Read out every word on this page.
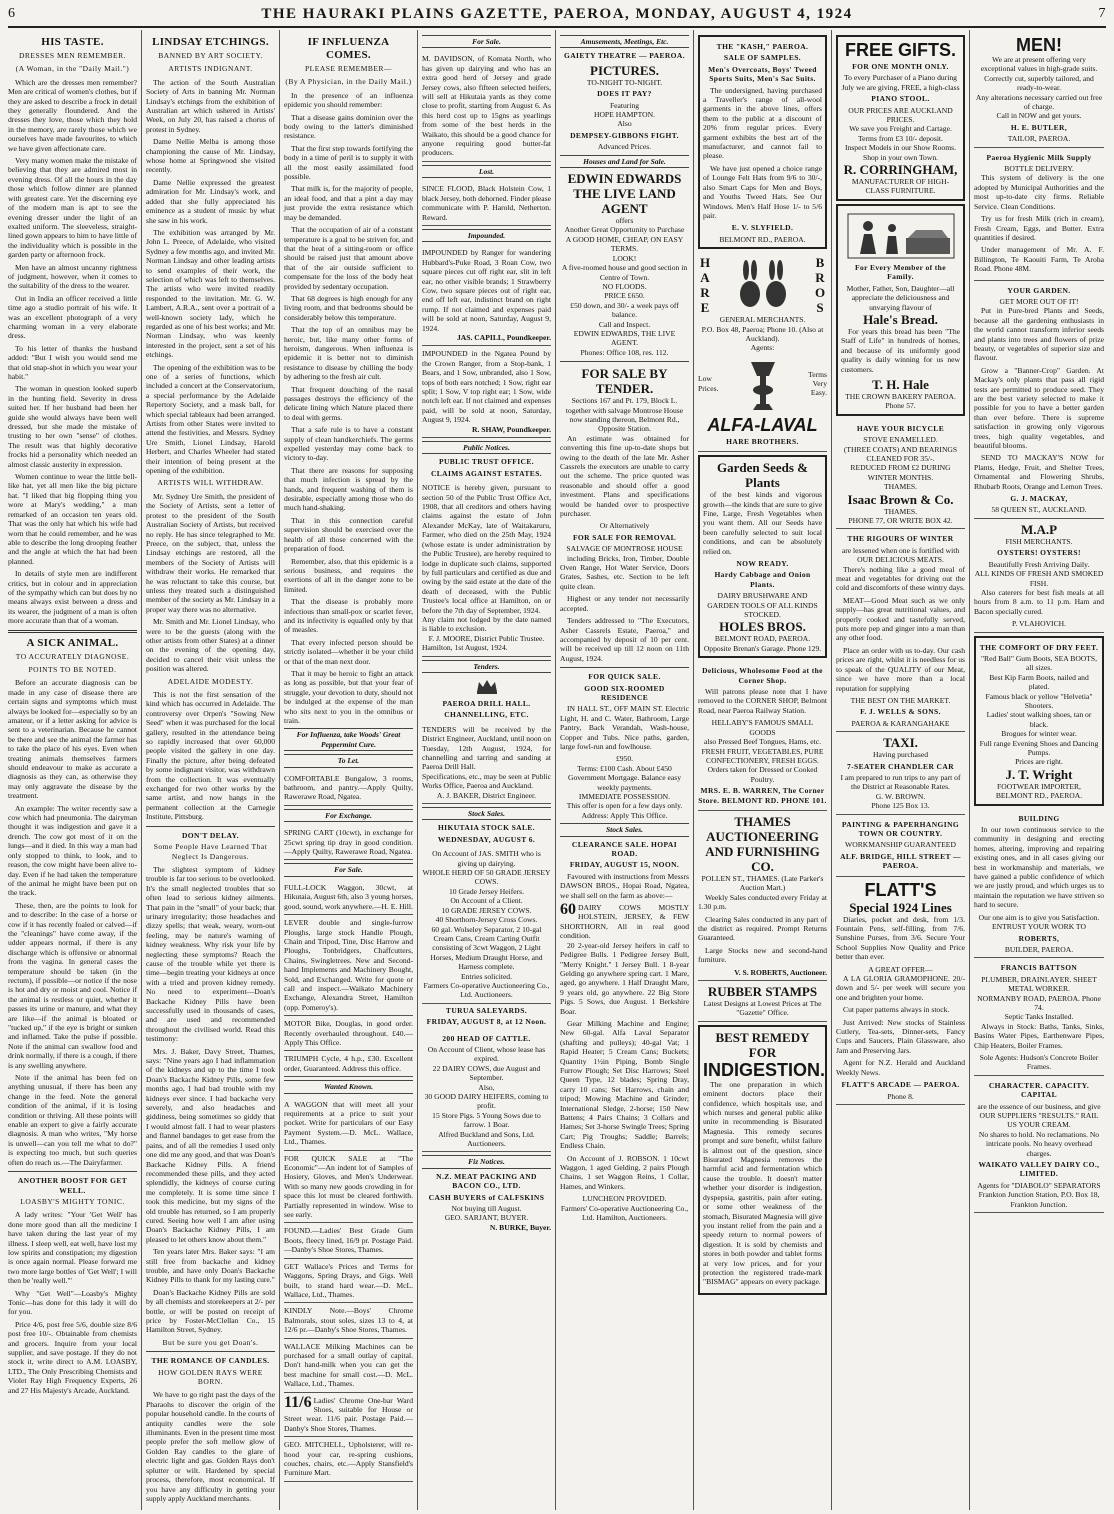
6	THE HAURAKI PLAINS GAZETTE, PAEROA, MONDAY, AUGUST 4, 1924	7
HIS TASTE.
DRESSES MEN REMEMBER.
(A Woman, in the "Daily Mail.")

Which are the dresses men remember? Men are critical of women's clothes, but if they are asked to describe a frock in detail they generally floundered. And the dresses they love, those which they hold in the memory, are rarely those which we ourselves have made favourites, to which we have given affectionate care.

Very many women make the mistake of believing that they are admired most in evening dress. Of all the hours in the day those which follow dinner are planned with greatest care. Yet the discerning eye of the modern man is apt to see the evening dresser under the light of an exalted uniform. The sleeveless, straight-lined gown appears to him to have little of the individuality which is possible in the garden party or afternoon frock.

Men have an almost uncanny rightness of judgment, however, when it comes to the suitability of the dress to the wearer.

Out in India an officer received a little time ago a studio portrait of his wife. It was an excellent photograph of a very charming woman in a very elaborate dress.

To his letter of thanks the husband added: "But I wish you would send me that old snap-shot in which you wear your habit."

The woman in question looked superb in the hunting field. Severity in dress suited her. If her husband had been her guide she would always have been well dressed, but she made the mistake of trusting to her own "sense" of clothes. The result was that highly decorative frocks hid a personality which needed an almost classic austerity in expression.

Women continue to wear the little bell-like hat, yet all men like the big picture hat. "I liked that big flopping thing you wore at Mary's wedding," a man remarked of an occasion ten years old. That was the only hat which his wife had worn that he could remember, and he was able to describe the long drooping feather and the angle at which the hat had been planned.

In details of style men are indifferent critics, but in colour and in appreciation of the sympathy which can but does by no means always exist between a dress and its wearer, the judgment of a man is often more accurate than that of a woman.

A SICK ANIMAL.
TO ACCURATELY DIAGNOSE.
POINTS TO BE NOTED.

Before an accurate diagnosis can be made in any case of disease there are certain signs and symptoms which must always be looked for—especially so by an amateur, or if a letter asking for advice is sent to a veterinarian. Because he cannot be there and see the animal the farmer has to take the place of his eyes. Even when treating animals themselves farmers should endeavour to make as accurate a diagnosis as they can, as otherwise they may only aggravate the disease by the treatment.

An example: The writer recently saw a cow which had pneumonia. The dairyman thought it was indigestion and gave it a drench. The cow got most of it on the lungs—and it died. In this way a man had only stopped to think, to look, and to reason, the cow might have been alive to-day. Even if he had taken the temperature of the animal he might have been put on the track.

These, then, are the points to look for and to describe: In the case of a horse or cow if it has recently foaled or calved—if the "cleanings" have come away, if the udder appears normal, if there is any discharge which is offensive or abnormal from the vagina. In general cases the temperature should be taken (in the rectum), if possible—or notice if the nose is hot and dry or moist and cool. Notice if the animal is restless or quiet, whether it passes its urine or manure, and what they are like—if the animal is bloated or "tucked up," if the eye is bright or sunken and inflamed. Take the pulse if possible. Note if the animal can swallow food and drink normally, if there is a cough, if there is any swelling anywhere.

Note if the animal has been fed on anything unusual, if there has been any change in the feed. Note the general condition of the animal, if it is losing condition or thriving. All these points will enable an expert to give a fairly accurate diagnosis. A man who writes, "My horse is unwell—can you tell me what to do?" is expecting too much, but such queries often do reach us.—The Dairyfarmer.

ANOTHER BOOST FOR GET WELL.
LOASBY'S MIGHTY TONIC.

A lady writes: "Your 'Get Well' has done more good than all the medicine I have taken during the last year of my illness. I sleep well, eat well, have lost my low spirits and constipation; my digestion is once again normal. Please forward me two more large bottles of 'Get Well'; I will then be 'really well.'"

Why "Get Well"—Loasby's Mighty Tonic—has done for this lady it will do for you.

Price 4/6, post free 5/6, double size 8/6 post free 10/-. Obtainable from chemists and grocers. Inquire from your local supplier, and save postage. If they do not stock it, write direct to A.M. LOASBY, LTD., The Only Prescribing Chemists and Violet Ray High Frequency Experts, 26 and 27 His Majesty's Arcade, Auckland.

LINDSAY ETCHINGS.
BANNED BY ART SOCIETY.
ARTISTS INDIGNANT.

The action of the South Australian Society of Arts in banning Mr. Norman Lindsay's etchings from the exhibition of Australian art which ushered in Artists' Week, on July 20, has raised a chorus of protest in Sydney.

Dame Nellie Melba is among those championing the cause of Mr. Lindsay, whose home at Springwood she visited recently.

Dame Nellie expressed the greatest admiration for Mr. Lindsay's work, and added that she fully appreciated his eminence as a student of music by what she saw in his work.

The exhibition was arranged by Mr. John L. Preece, of Adelaide, who visited Sydney a few months ago, and invited Mr. Norman Lindsay and other leading artists to send examples of their work, the selection of which was left to themselves. The artists who were invited readily responded to the invitation. Mr. G. W. Lambert, A.R.A., sent over a portrait of a well-known society lady, which he regarded as one of his best works; and Mr. Norman Lindsay, who was keenly interested in the project, sent a set of his etchings.

The opening of the exhibition was to be one of a series of functions, which included a concert at the Conservatorium, a special performance by the Adelaide Repertory Society, and a mask ball, for which special tableaux had been arranged. Artists from other States were invited to attend the festivities, and Messrs. Sydney Ure Smith, Lionel Lindsay, Harold Herbert, and Charles Wheeler had stated their intention of being present at the opening of the exhibition.

ARTISTS WILL WITHDRAW.

Mr. Sydney Ure Smith, the president of the Society of Artists, sent a letter of protest to the president of the South Australian Society of Artists, but received no reply. He has since telegraphed to Mr. Preece, on the subject, that, unless the Lindsay etchings are restored, all the members of the Society of Artists will withdraw their works. He remarked that he was reluctant to take this course, but unless they treated such a distinguished member of the society as Mr. Lindsay in a proper way there was no alternative.

Mr. Smith and Mr. Lionel Lindsay, who were to be the guests (along with the other artists from other States) at a dinner on the evening of the opening day, decided to cancel their visit unless the position was altered.

ADELAIDE MODESTY.

This is not the first sensation of the kind which has occurred in Adelaide. The controversy over Orpen's "Sowing New Seed" when it was purchased for the local gallery, resulted in the attendance being so rapidly increased that over 60,000 people visited the gallery in one day. Finally the picture, after being defeated by some indignant visitor, was withdrawn from the collection. It was eventually exchanged for two other works by the same artist, and now hangs in the permanent collection at the Carnegie Institute, Pittsburg.

DON'T DELAY.
Some People Have Learned That Neglect Is Dangerous.

The slightest symptom of kidney trouble is far too serious to be overlooked. It's the small neglected troubles that so often lead to serious kidney ailments. That pain in the "small" of your back; that urinary irregularity; those headaches and dizzy spells; that weak, weary, worn-out feeling, may be nature's warning of kidney weakness. Why risk your life by neglecting these symptoms? Reach the cause of the trouble while yet there is time—begin treating your kidneys at once with a tried and proven kidney remedy. No need to experiment—Doan's Backache Kidney Pills have been successfully used in thousands of cases, and are used and recommended throughout the civilised world. Read this testimony:

Mrs. J. Baker, Davy Street, Thames, says: "Nine years ago I had inflammation of the kidneys and up to the time I took Doan's Backache Kidney Pills, some few months ago, I had bad trouble with my kidneys ever since. I had backache very severely, and also headaches and giddiness, being sometimes so giddy that I would almost fall. I had to wear plasters and flannel bandages to get ease from the pains, and of all the remedies I used only one did me any good, and that was Doan's Backache Kidney Pills. A friend recommended these pills, and they acted splendidly, the kidneys of course curing me completely. It is some time since I took this medicine, but my signs of the old trouble has returned, so I am properly cured. Seeing how well I am after using Doan's Backache Kidney Pills, I am pleased to let others know about them."

Ten years later Mrs. Baker says: "I am still free from backache and kidney trouble, and have only Doan's Backache Kidney Pills to thank for my lasting cure."

Doan's Backache Kidney Pills are sold by all chemists and storekeepers at 2/- per bottle, or will be posted on receipt of price by Foster-McClellan Co., 15 Hamilton Street, Sydney.

But be sure you get Doan's.
THE ROMANCE OF CANDLES.
HOW GOLDEN RAYS WERE BORN.

We have to go right past the days of the Pharaohs to discover the origin of the popular household candle. In the courts of antiquity candles were the sole illuminants. Even in the present time most people prefer the soft mellow glow of Golden Ray candles to the glare of electric light and gas. Golden Rays don't splutter or wilt. Hardened by special process, therefore, most economical. If you have any difficulty in getting your supply apply Auckland merchants.

IF INFLUENZA COMES.
PLEASE REMEMBER—
(By A Physician, in the Daily Mail.)

In the presence of an influenza epidemic you should remember:

That a disease gains dominion over the body owing to the latter's diminished resistance.

That the first step towards fortifying the body in a time of peril is to supply it with all the most easily assimilated food possible.

That milk is, for the majority of people, an ideal food, and that a pint a day may just provide the extra resistance which may be demanded.

That the occupation of air of a constant temperature is a goal to be striven for, and that the heat of a sitting-room or office should be raised just that amount above that of the air outside sufficient to compensate for the loss of the body heat provided by sedentary occupation.

That 68 degrees is high enough for any living room, and that bedrooms should be considerably below this temperature.

That the top of an omnibus may be heroic, but, like many other forms of heroism, dangerous. When influenza is epidemic it is better not to diminish resistance to disease by chilling the body by adhering to the fresh air cult.

That frequent douching of the nasal passages destroys the efficiency of the delicate lining which Nature placed there to deal with germs.

That a safe rule is to have a constant supply of clean handkerchiefs. The germs expelled yesterday may come back to victory to-day.

That there are reasons for supposing that much infection is spread by the hands, and frequent washing of them is desirable, especially among those who do much hand-shaking.

That in this connection careful supervision should be exercised over the health of all those concerned with the preparation of food.

Remember, also, that this epidemic is a serious business, and requires the exertions of all in the danger zone to be limited.

That the disease is probably more infectious than small-pox or scarlet fever, and its infectivity is equalled only by that of measles.

That every infected person should be strictly isolated—whether it be your child or that of the man next door.

That it may be heroic to fight an attack as long as possible, but that your fear of struggle, your devotion to duty, should not be indulged at the expense of the man who sits next to you in the omnibus or train.

For Influenza, take Woods' Great Peppermint Cure.
To Let.
COMFORTABLE Bungalow, 3 rooms, bathroom, and pantry.—Apply Quilty, Rawerawe Road, Ngatea.
For Exchange.
SPRING CART (10cwt), in exchange for 25cwt spring tip dray in good condition.—Apply Quilty, Rawerawe Road, Ngatea.
For Sale.
FULL-LOCK Waggon, 30cwt, at Hikutaia, August 6th, also 3 young horses, good, sound, work anywhere.—H. E. Hill.
LEVER double and single-furrow Ploughs, large stock Handle Plough, Chain and Tripod, Tine, Disc Harrow and Ploughs, Tonbridgers, Chaffcutters, Chains, Swingletrees. New and Second-hand Implements and Machinery Bought, Sold, and Exchanged. Write for quote or call and inspect.—Waikato Machinery Exchange, Alexandra Street, Hamilton (opp. Pomeroy's).
MOTOR Bike, Douglas, in good order. Recently overhauled throughout. £40.—Apply This Office.
TRIUMPH Cycle, 4 h.p., £30. Excellent order, Guaranteed. Address this office.
Wanted Known.
A WAGGON that will meet all your requirements at a price to suit your pocket. Write for particulars of our Easy Payment System.—D. McL. Wallace, Ltd., Thames.
FOR QUICK SALE at "The Economic"—An indent lot of Samples of Hosiery, Gloves, and Men's Underwear. With so many new goods crowding in for space this lot must be cleared forthwith. Partially represented in window. Wise to see early.
FOUND.—Ladies' Best Grade Gum Boots, fleecy lined, 16/9 pr. Postage Paid.—Danby's Shoe Stores, Thames.
GET Wallace's Prices and Terms for Waggons, Spring Drays, and Gigs. Well built, to stand hard wear.—D. McL. Wallace, Ltd., Thames.
KINDLY Note.—Boys' Chrome Balmorals, stout soles, sizes 13 to 4, at 12/6 pr.—Danby's Shoe Stores, Thames.
WALLACE Milking Machines can be purchased for a small outlay of capital. Don't hand-milk when you can get the best machine for small cost.—D. McL. Wallace, Ltd., Thames.
11/6 Ladies' Chrome One-bar Ward Shoes, suitable for House or Street wear. 11/6 pair. Postage Paid.—Danby's Shoe Stores, Thames.
GEO. MITCHELL, Upholsterer, will re-hood your car, re-spring cushions, couches, chairs, etc.—Apply Stansfield's Furniture Mart.
For Sale.
M. DAVIDSON, of Komata North, who has given up dairying and who has an extra good herd of Jersey and grade Jersey cows, also fifteen selected heifers, will sell at Hikutaia yards as they come close to profit, starting from August 6. As this herd cost up to 15gns as yearlings from some of the best herds in the Waikato, this should be a good chance for anyone requiring good butter-fat producers.
Lost.
SINCE FLOOD, Black Holstein Cow, 1 black Jersey, both dehorned. Finder please communicate with P. Harold, Netherton. Reward.
Impounded.
IMPOUNDED by Ranger for wandering Hubbard's-Puke Road, 3 Roan Cow, two square pieces cut off right ear, slit in left ear, no other visible brands; 1 Strawberry Cow, two square pieces out of right ear, end off left ear, indistinct brand on right rump. If not claimed and expenses paid will be sold at noon, Saturday, August 9, 1924.
JAS. CAPILL, Poundkeeper.
IMPOUNDED in the Ngatea Pound by the Crown Ranger, from a Stop-bank, 1 Bears, and 1 Sow, unbranded, also 1 Sow, tops of both ears notched; 1 Sow, right ear split; 1 Sow, V top right ear; 1 Sow, wide notch left ear. If not claimed and expenses paid, will be sold at noon, Saturday, August 9, 1924.
R. SHAW, Poundkeeper.
Public Notices.
PUBLIC TRUST OFFICE.
CLAIMS AGAINST ESTATES.
NOTICE is hereby given, pursuant to section 50 of the Public Trust Office Act, 1908, that all creditors and others having claims against the estate of John Alexander McKay, late of Waitakaruru, Farmer, who died on the 25th May, 1924 (whose estate is under administration by the Public Trustee), are hereby required to lodge in duplicate such claims, supported by full particulars and certified as due and owing by the said estate at the date of the death of deceased, with the Public Trustee's local office at Hamilton, on or before the 7th day of September, 1924.
Any claim not lodged by the date named is liable to exclusion.
F. J. MOORE, District Public Trustee.
Hamilton, 1st August, 1924.
Tenders.
PAEROA DRILL HALL.
CHANNELLING, ETC.
TENDERS will be received by the District Engineer, Auckland, until noon on Tuesday, 12th August, 1924, for channelling and tarring and sanding at Paeroa Drill Hall.
Specifications, etc., may be seen at Public Works Office, Paeroa and Auckland.
A. J. BAKER, District Engineer.
Stock Sales.
HIKUTAIA STOCK SALE.
WEDNESDAY, AUGUST 6.
On Account of JAS. SMITH who is giving up dairying.
WHOLE HERD OF 50 GRADE JERSEY COWS.
10 Grade Jersey Heifers.
On Account of a Client.
10 GRADE JERSEY COWS.
40 Shorthorn-Jersey Cross Cows.
60 gal. Wolseley Separator, 2 10-gal Cream Cans, Cream Carting Outfit consisting of 3cwt Waggon, 2 Light Horses, Medium Draught Horse, and Harness complete.
Entries solicited.
Farmers Co-operative Auctioneering Co., Ltd. Auctioneers.
TURUA SALEYARDS.
FRIDAY, AUGUST 8, at 12 Noon.
200 HEAD OF CATTLE.
On Account of Client, whose lease has expired.
22 DAIRY COWS, due August and September.
Also,
30 GOOD DAIRY HEIFERS, coming to profit.
15 Store Pigs. 5 Young Sows due to farrow. 1 Boar.
Alfred Buckland and Sons, Ltd. Auctioneers.
Fiz Notices.
N.Z. MEAT PACKING AND BACON CO., LTD.
CASH BUYERS of CALFSKINS
Not buying till August.
GEO. SARJANT, BUYER.
N. BURKE, Buyer.
Amusements, Meetings, Etc.
GAIETY THEATRE — PAEROA.
PICTURES.
TO-NIGHT TO-NIGHT.
DOES IT PAY?
Featuring
HOPE HAMPTON.
Also
DEMPSEY-GIBBONS FIGHT.
Advanced Prices.
Houses and Land for Sale.
EDWIN EDWARDS THE LIVE LAND AGENT
offers
Another Great Opportunity to Purchase
A GOOD HOME, CHEAP, ON EASY TERMS.
LOOK!
A five-roomed house and good section in Centre of Town.
NO FLOODS.
PRICE £650.
£50 down, and 30/- a week pays off balance.
Call and Inspect.
EDWIN EDWARDS, THE LIVE AGENT.
Phones: Office 108, res. 112.
FOR SALE BY TENDER.
Sections 167 and Pt. 179, Block L.
together with salvage Montrose House now standing thereon, Belmont Rd., Opposite Station.

An estimate was obtained for converting this fine up-to-date shops but owing to the death of the late Mr. Asher Cassrels the executors are unable to carry out the scheme. The price quoted was reasonable and should offer a good investment. Plans and specifications would be handed over to prospective purchaser.

Or Alternatively
FOR SALE FOR REMOVAL
SALVAGE OF MONTROSE HOUSE

including Bricks, Iron, Timber, Double Oven Range, Hot Water Service, Doors Grates, Sashes, etc. Section to be left quite clean.

Highest or any tender not necessarily accepted.

Tenders addressed to "The Executors, Asher Cassrels Estate, Paeroa," and accompanied by deposit of 10 per cent. will be received up till 12 noon on 11th August, 1924.

FOR QUICK SALE.
GOOD SIX-ROOMED RESIDENCE

IN HALL ST., OFF MAIN ST. Electric Light, H. and C. Water, Bathroom, Large Pantry, Back Verandah, Wash-house, Copper and Tubs. Nice paths, garden, large fowl-run and fowlhouse.

£950.
Terms: £100 Cash. About £450 Government Mortgage. Balance easy weekly payments.
IMMEDIATE POSSESSION.
This offer is open for a few days only.
Address: Apply This Office.
Stock Sales.
CLEARANCE SALE. HOPAI ROAD.
FRIDAY, AUGUST 15, NOON.

Favoured with instructions from Messrs DAWSON BROS., Hopai Road, Ngatea, we shall sell on the farm as above:—

60 DAIRY COWS MOSTLY HOLSTEIN, JERSEY, & FEW SHORTHORN, All in real good condition.

20 2-year-old Jersey heifers in calf to Pedigree Bulls. 1 Pedigree Jersey Bull, "Merry Knight." 1 Jersey Bull. 1 8-year Gelding go anywhere spring cart. 1 Mare, aged, go anywhere. 1 Half Draught Mare, 9 years old, go anywhere. 22 Big Store Pigs. 5 Sows, due August. 1 Berkshire Boar.

Gear Milking Machine and Engine; New 60-gal. Alfa Laval Separator (shafting and pulleys); 40-gal Vat; 1 Rapid Heater; 5 Cream Cans; Buckets; Quantity 1½in Piping, Bomb Single Furrow Plough; Set Disc Harrows; Steel Queen Type, 12 blades; Spring Dray, carry 10 cans; Set Harrows, chain and tripod; Mowing Machine and Grinder; International Sledge, 2-horse; 150 New Battens; 4 Pairs Chains; 3 Collars and Hames; Set 3-horse Swingle Trees; Spring Cart; Pig Troughs; Saddle; Barrels; Endless Chain.

On Account of J. ROBSON. 1 10cwt Waggon, 1 aged Gelding, 2 pairs Plough Chains, 1 set Waggon Reins, 1 Collar, Hames, and Winkers.

LUNCHEON PROVIDED.
Farmers' Co-operative Auctioneering Co., Ltd. Hamilton, Auctioneers.
THE "KASH," PAEROA.
SALE OF SAMPLES.
Men's Overcoats, Boys' Tweed Sports Suits, Men's Sac Suits.

The undersigned, having purchased a Traveller's range of all-wool garments in the above lines, offers them to the public at a discount of 20% from regular prices. Every garment exhibits the best art of the manufacturer, and cannot fail to please.

We have just opened a choice range of Lounge Felt Hats from 9/6 to 30/-, also Smart Caps for Men and Boys, and Youths Tweed Hats. See Our Windows. Men's Half Hose 1/- to 5/6 pair.

E. V. SLYFIELD.
BELMONT RD., PAEROA.
HARE
BROS
GENERAL MERCHANTS.
P.O. Box 48, Paeroa; Phone 10. (Also at Auckland).
Agents:
Low Prices.
Terms Very Easy.
ALFA-LAVAL
HARE BROTHERS.
Garden Seeds & Plants

of the best kinds and vigorous growth—the kinds that are sure to give Fine, Large, Fresh Vegetables when you want them. All our Seeds have been carefully selected to suit local conditions, and can be absolutely relied on.

NOW READY.
Hardy Cabbage and Onion Plants.
DAIRY BRUSHWARE AND GARDEN TOOLS OF ALL KINDS STOCKED.
HOLES BROS.
BELMONT ROAD, PAEROA.
Opposite Brenan's Garage. Phone 129.
Delicious, Wholesome Food at the Corner Shop.

Will patrons please note that I have removed to the CORNER SHOP, Belmont Road, near Paeroa Railway Station.

HELLABY'S FAMOUS SMALL GOODS
also Pressed Beef Tongues, Hams, etc.
FRESH FRUIT, VEGETABLES, PURE CONFECTIONERY, FRESH EGGS.
Orders taken for Dressed or Cooked Poultry.
MRS. E. B. WARREN, The Corner Store. BELMONT RD. PHONE 101.
THAMES AUCTIONEERING AND FURNISHING CO.
POLLEN ST., THAMES. (Late Parker's Auction Mart.)

Weekly Sales conducted every Friday at 1.30 p.m.

Clearing Sales conducted in any part of the district as required. Prompt Returns Guaranteed.

Large Stocks new and second-hand furniture.

V. S. ROBERTS, Auctioneer.
RUBBER STAMPS
Latest Designs at Lowest Prices at The "Gazette" Office.
BEST REMEDY FOR
INDIGESTION.

The one preparation in which eminent doctors place their confidence, which hospitals use, and which nurses and general public alike unite in recommending is Bisurated Magnesia. This remedy secures prompt and sure benefit, whilst failure is almost out of the question, since Bisurated Magnesia removes the harmful acid and fermentation which cause the trouble. It doesn't matter whether your disorder is indigestion, dyspepsia, gastritis, pain after eating, or some other weakness of the stomach, Bisurated Magnesia will give you instant relief from the pain and a speedy return to normal powers of digestion. It is sold by chemists and stores in both powder and tablet forms at very low prices, and for your protection the registered trade-mark "BISMAG" appears on every package.

FREE GIFTS.
FOR ONE MONTH ONLY.
To every Purchaser of a Piano during July we are giving, FREE, a high-class
PIANO STOOL.
OUR PRICES ARE AUCKLAND PRICES.
We save you Freight and Cartage.
Terms from £3 10/- deposit.
Inspect Models in our Show Rooms.
Shop in your own Town.
R. CORRINGHAM,
MANUFACTURER OF HIGH-CLASS FURNITURE.
For Every Member of the Family.
Mother, Father, Son, Daughter—all appreciate the deliciousness and unvarying flavour of
Hale's Bread.

For years this bread has been "The Staff of Life" in hundreds of homes, and because of its uniformly good quality is daily winning for us new customers.

T. H. Hale
THE CROWN BAKERY PAEROA. Phone 57.
HAVE YOUR BICYCLE
STOVE ENAMELLED.
(THREE COATS) AND BEARINGS CLEANED FOR 35/-.
REDUCED FROM £2 DURING WINTER MONTHS.
THAMES.
Isaac Brown & Co.
THAMES.
PHONE 77, OR WRITE BOX 42.
THE RIGOURS OF WINTER
are lessened when one is fortified with OUR DELICIOUS MEATS.

There's nothing like a good meal of meat and vegetables for driving out the cold and discomforts of these wintry days.

MEAT—Good Meat such as we only supply—has great nutritional values, and properly cooked and tastefully served, puts more pep and ginger into a man than any other food.

Place an order with us to-day. Our cash prices are right, whilst it is needless for us to speak of the QUALITY of our Meat, since we have more than a local reputation for supplying

THE BEST ON THE MARKET.
F. J. WELLS & SONS.
PAEROA & KARANGAHAKE
TAXI.
Having purchased
7-SEATER CHANDLER CAR
I am prepared to run trips to any part of the District at Reasonable Rates.
G. W. BROWN.
Phone 125 Box 13.
PAINTING & PAPERHANGING TOWN OR COUNTRY.
WORKMANSHIP GUARANTEED
ALF. BRIDGE, HILL STREET — PAEROA.
FLATT'S
Special 1924 Lines

Diaries, pocket and desk, from 1/3. Fountain Pens, self-filling, from 7/6. Sunshine Purses, from 3/6. Secure Your School Supplies Now Quality and Price better than ever.

A GREAT OFFER—

A LA GLORIA GRAMOPHONE. 20/- down and 5/- per week will secure you one and brighten your home.

Cut paper patterns always in stock.

Just Arrived: New stocks of Stainless Cutlery, Tea-sets, Dinner-sets, Fancy Cups and Saucers, Plain Glassware, also Jam and Preserving Jars.

Agent for N.Z. Herald and Auckland Weekly News.

FLATT'S ARCADE — PAEROA.
Phone 8.
MEN!
We are at present offering very exceptional values in high-grade suits.
Correctly cut, superbly tailored, and ready-to-wear.
Any alterations necessary carried out free of charge.
Call in NOW and get yours.
H. E. BUTLER,
TAILOR, PAEROA.
Paeroa Hygienic Milk Supply
BOTTLE DELIVERY.

This system of delivery is the one adopted by Municipal Authorities and the most up-to-date city firms. Reliable Service. Clean Conditions.

Try us for fresh Milk (rich in cream), Fresh Cream, Eggs, and Butter. Extra quantities if desired.

Under management of Mr. A. F. Billington, Te Kaouiti Farm, Te Aroha Road. Phone 48M.

YOUR GARDEN.
GET MORE OUT OF IT!

Put in Pure-bred Plants and Seeds, because all the gardening enthusiasts in the world cannot transform inferior seeds and plants into trees and flowers of prize beauty, or vegetables of superior size and flavour.

Grow a "Banner-Crop" Garden. At Mackay's only plants that pass all rigid tests are permitted to produce seed. They are the best variety selected to make it possible for you to have a better garden than ever before. There is supreme satisfaction in growing only vigorous trees, high quality vegetables, and beautiful blooms.

SEND TO MACKAY'S NOW for Plants, Hedge, Fruit, and Shelter Trees, Ornamental and Flowering Shrubs, Rhubarb Roots, Orange and Lemon Trees.

G. J. MACKAY,
58 QUEEN ST., AUCKLAND.
M.A.P
FISH MERCHANTS.
OYSTERS! OYSTERS!
Beautifully Fresh Arriving Daily.
ALL KINDS OF FRESH AND SMOKED FISH.

Also caterers for best fish meals at all hours from 8 a.m. to 11 p.m. Ham and Bacon specially cured.

P. VLAHOVICH.
THE COMFORT OF DRY FEET.
"Red Ball" Gum Boots, SEA BOOTS, all sizes.
Best Kip Farm Boots, nailed and plated.
Famous black or yellow "Helvetia" Shooters.
Ladies' stout walking shoes, tan or black.
Brogues for winter wear.
Full range Evening Shoes and Dancing Pumps.
Prices are right.
J. T. Wright
FOOTWEAR IMPORTER, BELMONT RD., PAEROA.
BUILDING

In our town continuous service to the community in designing and erecting homes, altering, improving and repairing existing ones, and in all cases giving our best in workmanship and materials, we have gained a public confidence of which we are justly proud, and which urges us to maintain the reputation we have striven so hard to secure.

Our one aim is to give you Satisfaction.
ENTRUST YOUR WORK TO
ROBERTS,
BUILDER, PAEROA.
FRANCIS BATTSON
PLUMBER, DRAINLAYER. SHEET METAL WORKER.
NORMANBY ROAD, PAEROA. Phone 74.
Septic Tanks Installed.

Always in Stock: Baths, Tanks, Sinks, Basins Water Pipes, Earthenware Pipes, Chip Heaters, Boiler Frames.

Sole Agents: Hudson's Concrete Boiler Frames.
CHARACTER. CAPACITY. CAPITAL
are the essence of our business, and give
OUR SUPPLIERS "RESULTS." RAIL US YOUR CREAM.
No shares to hold. No reclamations. No intricate pools. No heavy overhead charges.
WAIKATO VALLEY DAIRY CO., LIMITED.
Agents for "DIABOLO" SEPARATORS
Frankton Junction Station, P.O. Box 18, Frankton Junction.
